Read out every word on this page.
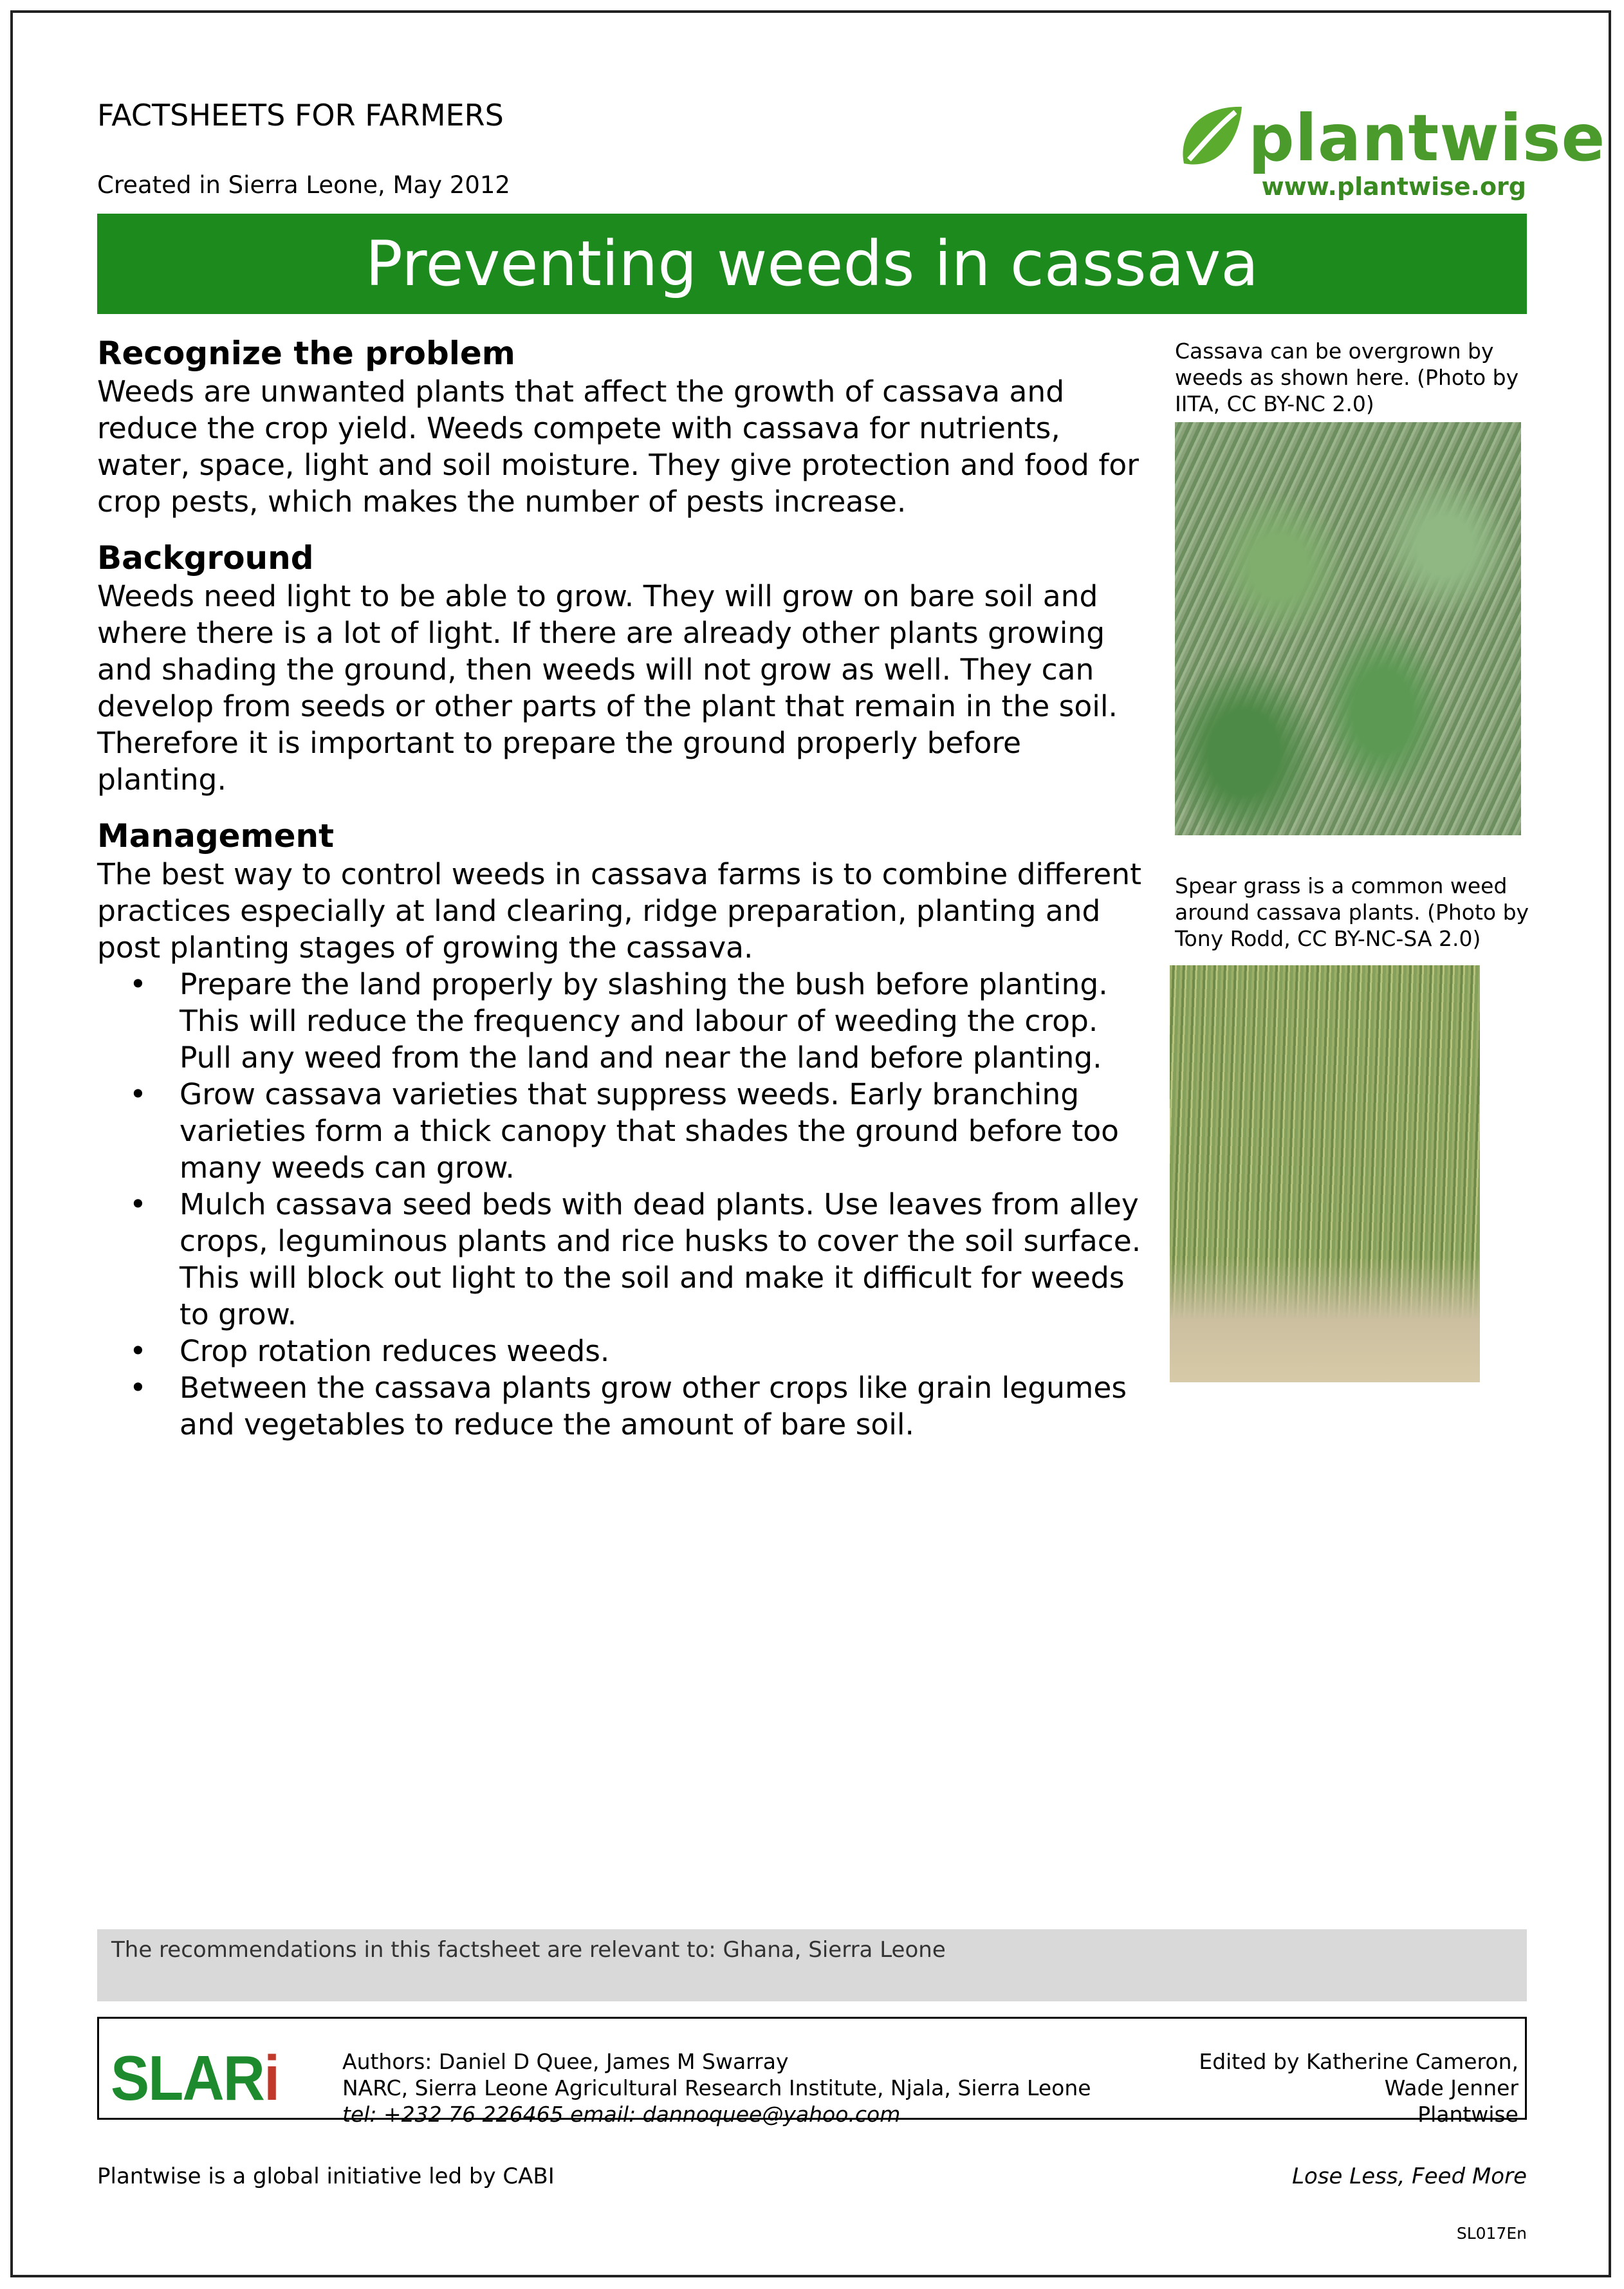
FACTSHEETS FOR FARMERS
Created in Sierra Leone, May 2012
plantwise
www.plantwise.org
Preventing weeds in cassava
Recognize the problem

Weeds are unwanted plants that affect the growth of cassava and reduce the crop yield. Weeds compete with cassava for nutrients, water, space, light and soil moisture. They give protection and food for crop pests, which makes the number of pests increase.

Background

Weeds need light to be able to grow. They will grow on bare soil and where there is a lot of light. If there are already other plants growing and shading the ground, then weeds will not grow as well. They can develop from seeds or other parts of the plant that remain in the soil. Therefore it is important to prepare the ground properly before planting.

Management

The best way to control weeds in cassava farms is to combine different practices especially at land clearing, ridge preparation, planting and post planting stages of growing the cassava.

• Prepare the land properly by slashing the bush before planting. This will reduce the frequency and labour of weeding the crop. Pull any weed from the land and near the land before planting.
• Grow cassava varieties that suppress weeds. Early branching varieties form a thick canopy that shades the ground before too many weeds can grow.
• Mulch cassava seed beds with dead plants. Use leaves from alley crops, leguminous plants and rice husks to cover the soil surface. This will block out light to the soil and make it difficult for weeds to grow.
• Crop rotation reduces weeds.
• Between the cassava plants grow other crops like grain legumes and vegetables to reduce the amount of bare soil.
Cassava can be overgrown by weeds as shown here. (Photo by IITA, CC BY-NC 2.0)
Spear grass is a common weed around cassava plants. (Photo by Tony Rodd, CC BY-NC-SA 2.0)
The recommendations in this factsheet are relevant to: Ghana, Sierra Leone
SLARi	Authors: Daniel D Quee, James M Swarray
NARC, Sierra Leone Agricultural Research Institute, Njala, Sierra Leone
tel: +232 76 226465 email: dannoquee@yahoo.com
Edited by Katherine Cameron,
Wade Jenner
Plantwise
Plantwise is a global initiative led by CABI	Lose Less, Feed More
SL017En
